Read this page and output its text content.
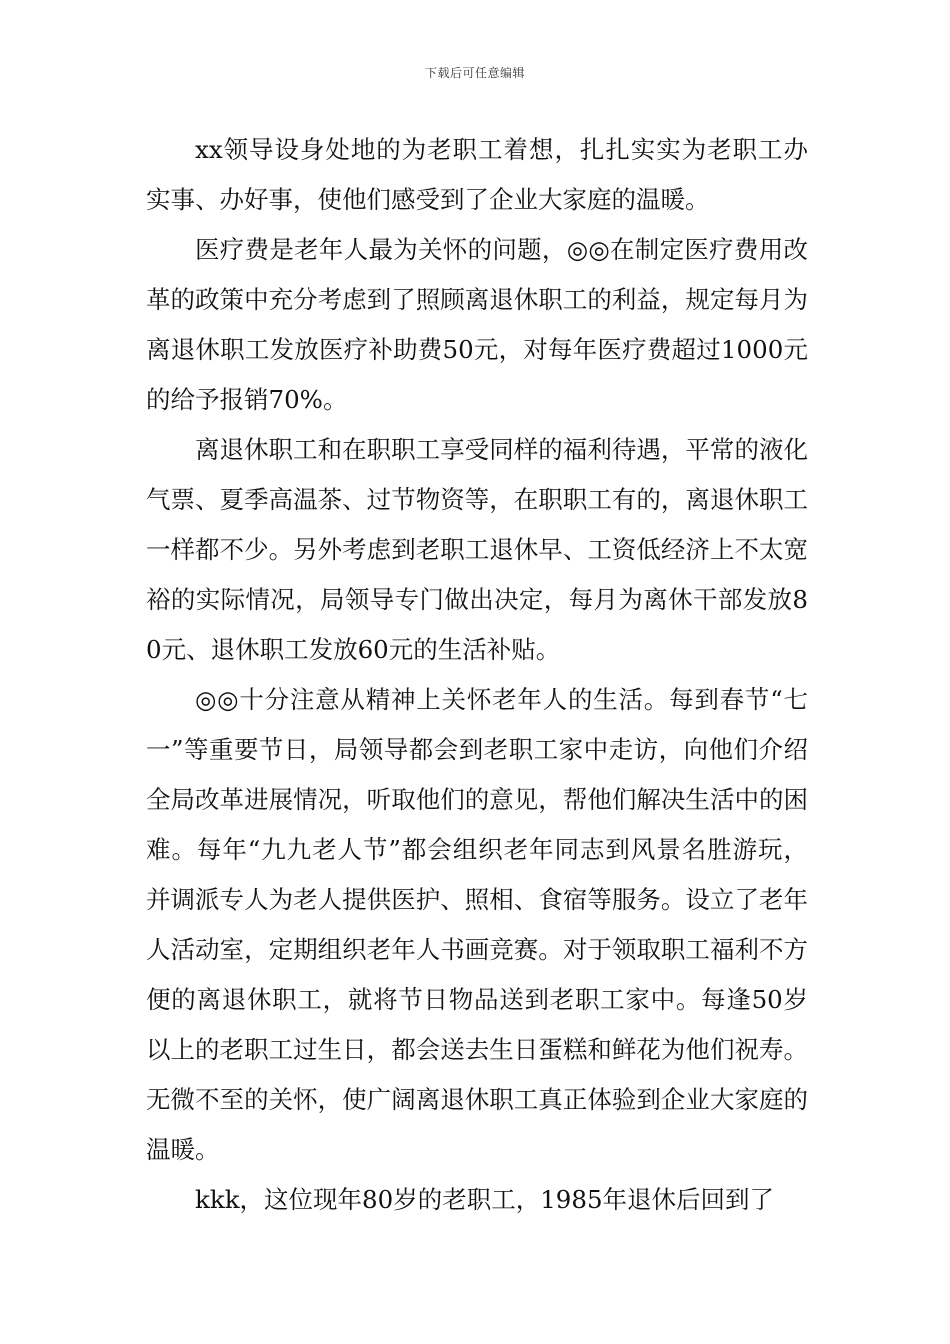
下载后可任意编辑

xx领导设身处地的为老职工着想，扎扎实实为老职工办实事、办好事，使他们感受到了企业大家庭的温暖。

医疗费是老年人最为关怀的问题，◎◎在制定医疗费用改革的政策中充分考虑到了照顾离退休职工的利益，规定每月为离退休职工发放医疗补助费50元，对每年医疗费超过1000元的给予报销70%。

离退休职工和在职职工享受同样的福利待遇，平常的液化气票、夏季高温茶、过节物资等，在职职工有的，离退休职工一样都不少。另外考虑到老职工退休早、工资低经济上不太宽裕的实际情况，局领导专门做出决定，每月为离休干部发放80元、退休职工发放60元的生活补贴。

◎◎十分注意从精神上关怀老年人的生活。每到春节“七一”等重要节日，局领导都会到老职工家中走访，向他们介绍全局改革进展情况，听取他们的意见，帮他们解决生活中的困难。每年“九九老人节”都会组织老年同志到风景名胜游玩，并调派专人为老人提供医护、照相、食宿等服务。设立了老年人活动室，定期组织老年人书画竞赛。对于领取职工福利不方便的离退休职工，就将节日物品送到老职工家中。每逢50岁以上的老职工过生日，都会送去生日蛋糕和鲜花为他们祝寿。无微不至的关怀，使广阔离退休职工真正体验到企业大家庭的温暖。

kkk，这位现年80岁的老职工，1985年退休后回到了
